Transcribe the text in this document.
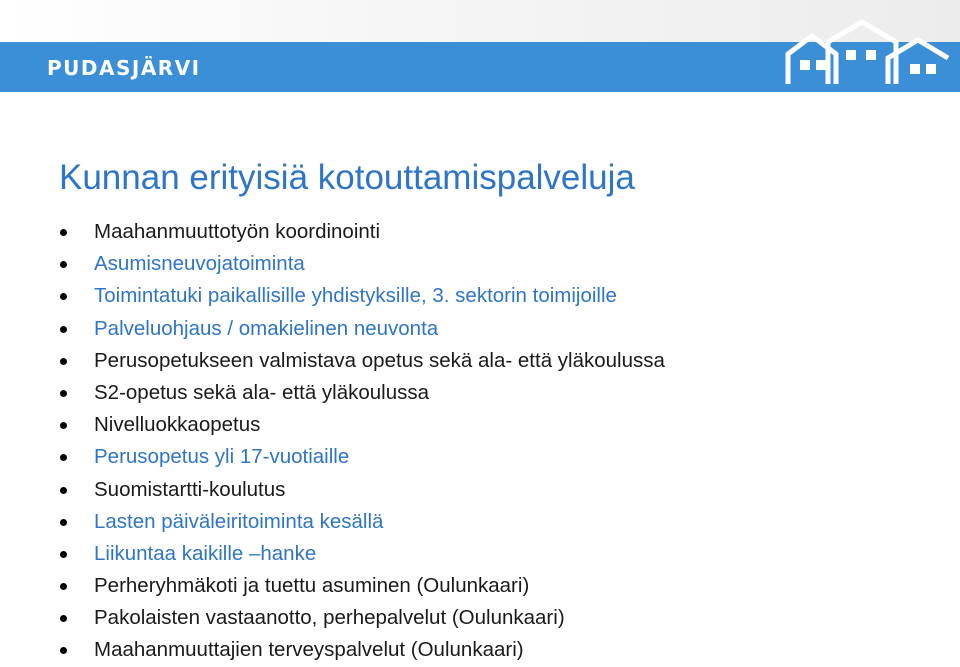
PUDASJÄRVI
Kunnan erityisiä kotouttamispalveluja
Maahanmuuttotyön koordinointi
Asumisneuvojatoiminta
Toimintatuki paikallisille yhdistyksille, 3. sektorin toimijoille
Palveluohjaus / omakielinen neuvonta
Perusopetukseen valmistava opetus sekä ala- että yläkoulussa
S2-opetus sekä ala- että yläkoulussa
Nivelluokkaopetus
Perusopetus yli 17-vuotiaille
Suomistartti-koulutus
Lasten päiväleiritoiminta kesällä
Liikuntaa kaikille –hanke
Perheryhmäkoti ja tuettu asuminen (Oulunkaari)
Pakolaisten vastaanotto, perhepalvelut (Oulunkaari)
Maahanmuuttajien terveyspalvelut (Oulunkaari)
